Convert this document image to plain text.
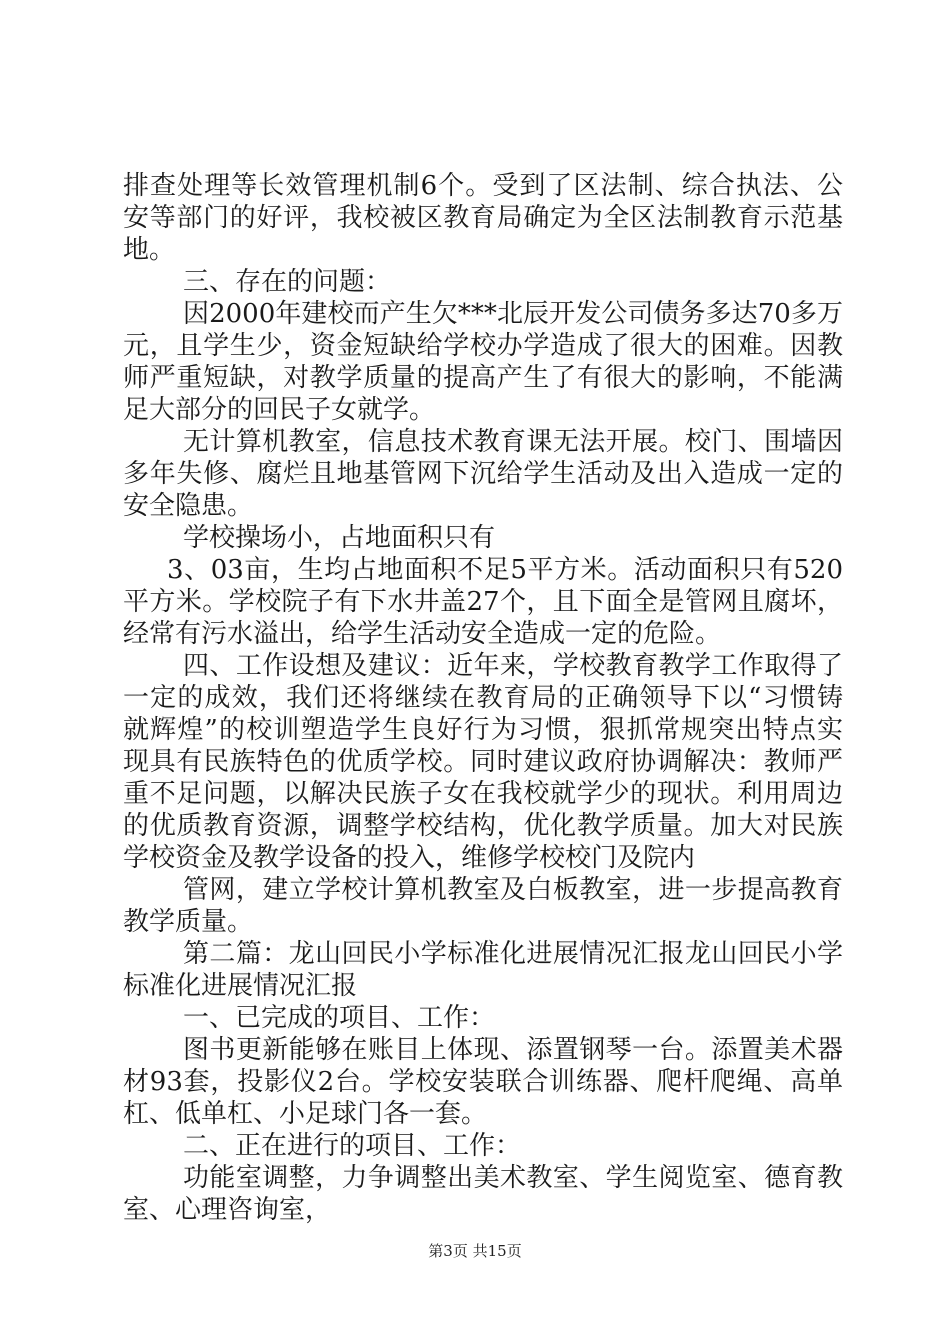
排查处理等长效管理机制6个。受到了区法制、综合执法、公
安等部门的好评，我校被区教育局确定为全区法制教育示范基
地。
三、存在的问题：
因2000年建校而产生欠***北辰开发公司债务多达70多万
元，且学生少，资金短缺给学校办学造成了很大的困难。因教
师严重短缺，对教学质量的提高产生了有很大的影响，不能满
足大部分的回民子女就学。
无计算机教室，信息技术教育课无法开展。校门、围墙因
多年失修、腐烂且地基管网下沉给学生活动及出入造成一定的
安全隐患。
学校操场小，占地面积只有
3、03亩，生均占地面积不足5平方米。活动面积只有520
平方米。学校院子有下水井盖27个，且下面全是管网且腐坏，
经常有污水溢出，给学生活动安全造成一定的危险。
四、工作设想及建议：近年来，学校教育教学工作取得了
一定的成效，我们还将继续在教育局的正确领导下以“习惯铸
就辉煌”的校训塑造学生良好行为习惯，狠抓常规突出特点实
现具有民族特色的优质学校。同时建议政府协调解决：教师严
重不足问题，以解决民族子女在我校就学少的现状。利用周边
的优质教育资源，调整学校结构，优化教学质量。加大对民族
学校资金及教学设备的投入，维修学校校门及院内
管网，建立学校计算机教室及白板教室，进一步提高教育
教学质量。
第二篇：龙山回民小学标准化进展情况汇报龙山回民小学
标准化进展情况汇报
一、已完成的项目、工作：
图书更新能够在账目上体现、添置钢琴一台。添置美术器
材93套，投影仪2台。学校安装联合训练器、爬杆爬绳、高单
杠、低单杠、小足球门各一套。
二、正在进行的项目、工作：
功能室调整，力争调整出美术教室、学生阅览室、德育教
室、心理咨询室，
第3页 共15页
